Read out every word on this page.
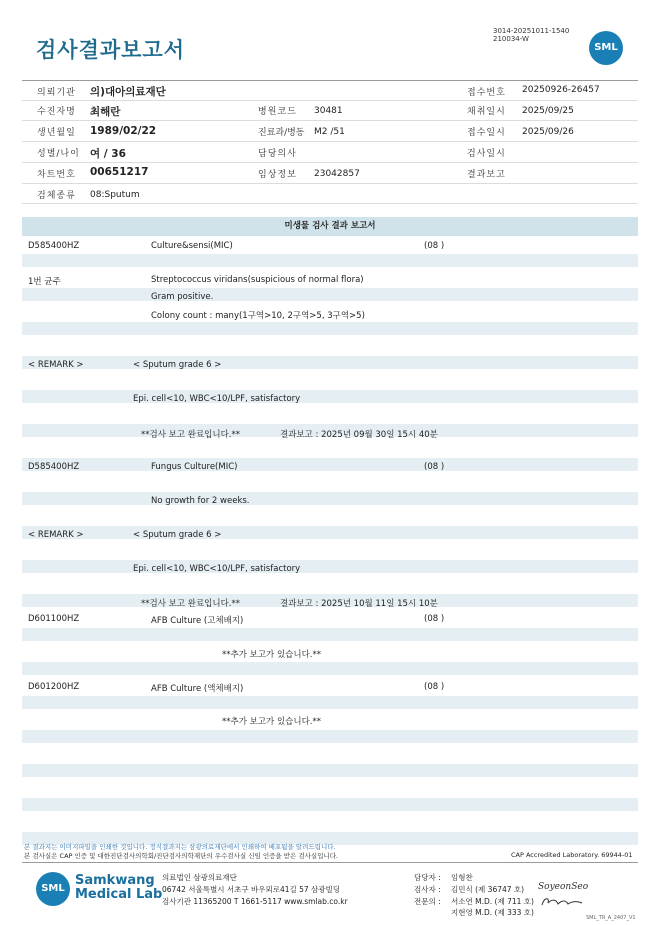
검사결과보고서
3014-20251011-1540
210034-W
SML
의뢰기관 의)대아의료재단	접수번호 20250926-26457
수진자명 최해란	병원코드 30481	채취일시 2025/09/25
생년월일 1989/02/22	진료과/병동 M2 /51	접수일시 2025/09/26
성별/나이 여 / 36	담당의사	검사일시
차트번호 00651217	임상정보 23042857	결과보고
검체종류 08:Sputum
미생물 검사 결과 보고서
D585400HZ	Culture&sensi(MIC)	(08 )
1번 균주	Streptococcus viridans(suspicious of normal flora)
Gram positive.
Colony count : many(1구역>10, 2구역>5, 3구역>5)
< REMARK >	< Sputum grade 6 >
Epi. cell<10, WBC<10/LPF, satisfactory
**검사 보고 완료입니다.**	결과보고 : 2025년 09월 30일 15시 40분
D585400HZ	Fungus Culture(MIC)	(08 )
No growth for 2 weeks.
< REMARK >	< Sputum grade 6 >
Epi. cell<10, WBC<10/LPF, satisfactory
**검사 보고 완료입니다.**	결과보고 : 2025년 10월 11일 15시 10분
D601100HZ	AFB Culture (고체배지)	(08 )
**추가 보고가 있습니다.**
D601200HZ	AFB Culture (액체배지)	(08 )
**추가 보고가 있습니다.**
본 결과지는 이미지파일을 인쇄한 것입니다. 정식결과지는 삼광의료재단에서 인쇄하여 배포됨을 알려드립니다.
본 검사실은 CAP 인증 및 대한진단검사의학회/진단검사의학재단의 우수검사실 신임 인증을 받은 검사실입니다.	CAP Accredited Laboratory. 69944-01
SML
Samkwang
Medical Lab
의료법인 삼광의료재단
06742 서울특별시 서초구 바우뫼로41길 57 삼광빌딩
검사기관 11365200 T 1661-5117 www.smlab.co.kr
담당자 : 임형찬
검사자 : 김민식 (제 36747 호)
전문의 : 서소연 M.D. (제 711 호)
지현영 M.D. (제 333 호)
SoyeonSeo
SML_TR_A_2407_V1
